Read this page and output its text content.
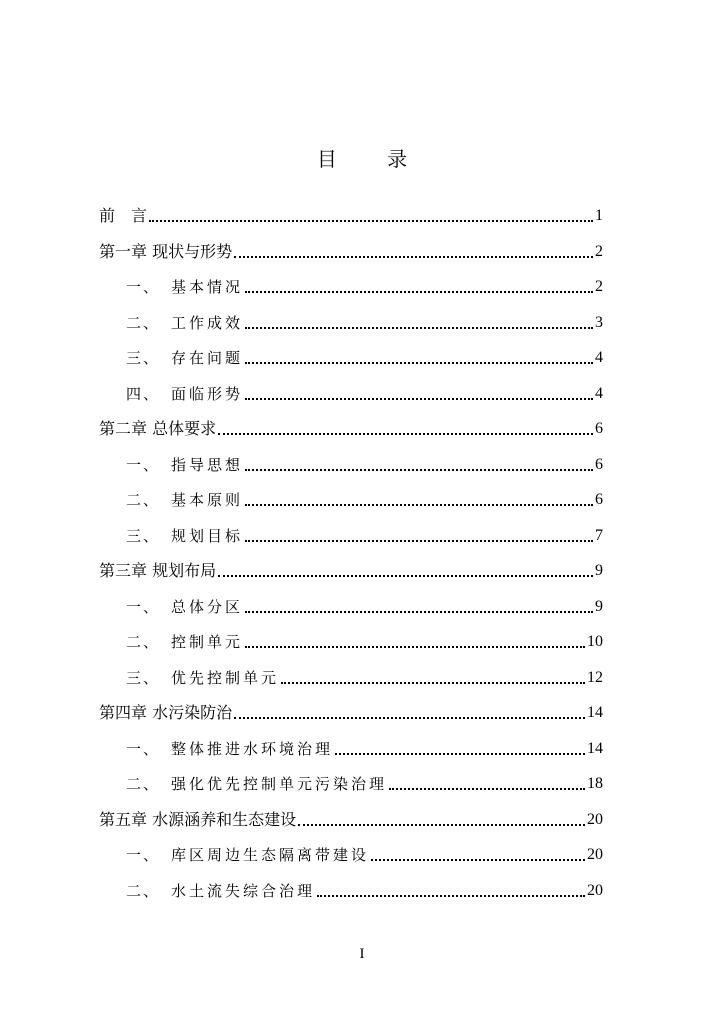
目 录
前　言	1
第一章 现状与形势	2
一、 基本情况	2
二、 工作成效	3
三、 存在问题	4
四、 面临形势	4
第二章 总体要求	6
一、 指导思想	6
二、 基本原则	6
三、 规划目标	7
第三章 规划布局	9
一、 总体分区	9
二、 控制单元	10
三、 优先控制单元	12
第四章 水污染防治	14
一、 整体推进水环境治理	14
二、 强化优先控制单元污染治理	18
第五章 水源涵养和生态建设	20
一、 库区周边生态隔离带建设	20
二、 水土流失综合治理	20
I
